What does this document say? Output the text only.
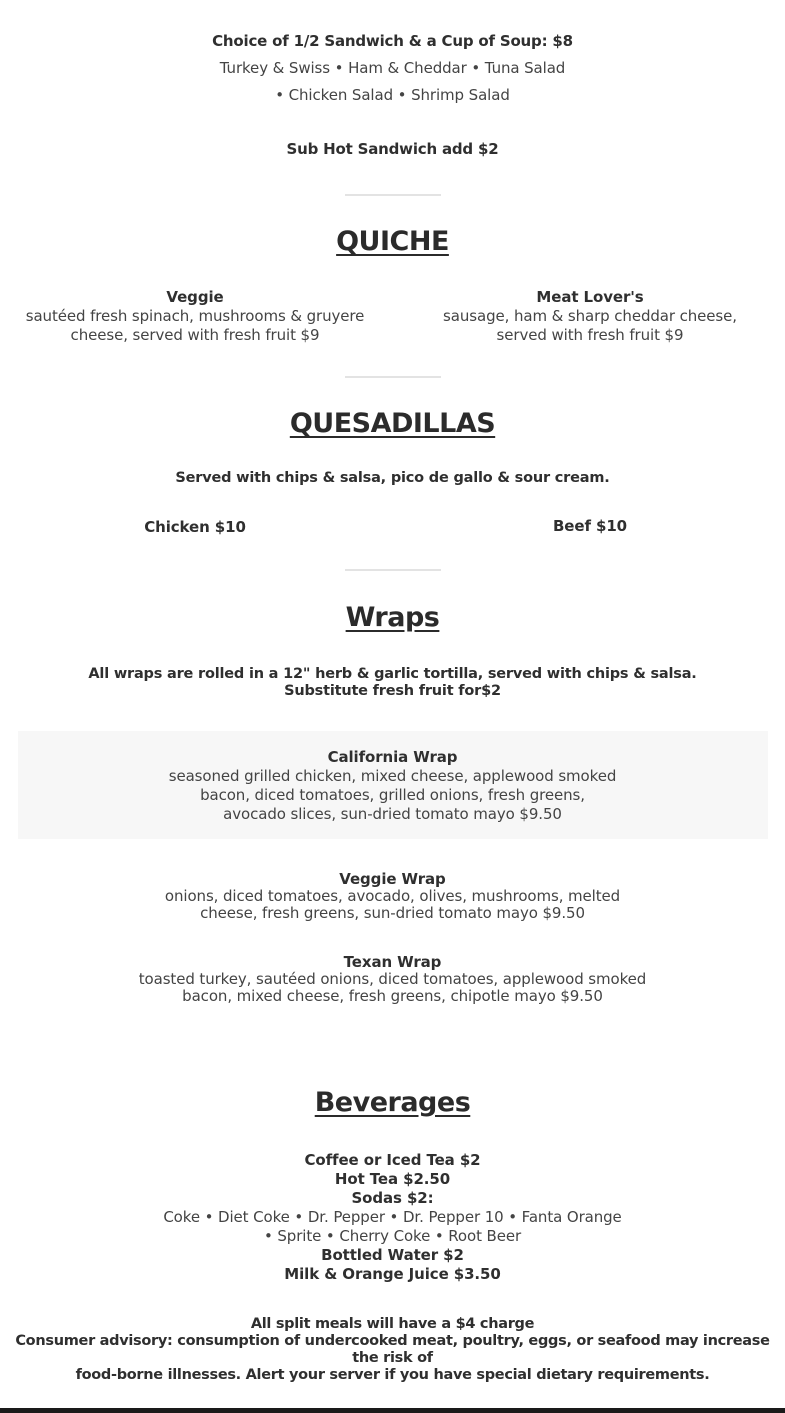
Choice of 1/2 Sandwich & a Cup of Soup: $8
Turkey & Swiss • Ham & Cheddar • Tuna Salad
• Chicken Salad • Shrimp Salad
Sub Hot Sandwich add $2
QUICHE
Veggie
sautéed fresh spinach, mushrooms & gruyere
cheese, served with fresh fruit $9
Meat Lover's
sausage, ham & sharp cheddar cheese,
served with fresh fruit $9
QUESADILLAS
Served with chips & salsa, pico de gallo & sour cream.
Chicken $10	Beef $10
Wraps
All wraps are rolled in a 12" herb & garlic tortilla, served with chips & salsa.
Substitute fresh fruit for$2
California Wrap
seasoned grilled chicken, mixed cheese, applewood smoked
bacon, diced tomatoes, grilled onions, fresh greens,
avocado slices, sun-dried tomato mayo $9.50
Veggie Wrap
onions, diced tomatoes, avocado, olives, mushrooms, melted
cheese, fresh greens, sun-dried tomato mayo $9.50
Texan Wrap
toasted turkey, sautéed onions, diced tomatoes, applewood smoked
bacon, mixed cheese, fresh greens, chipotle mayo $9.50
Beverages
Coffee or Iced Tea $2
Hot Tea $2.50
Sodas $2:
Coke • Diet Coke • Dr. Pepper • Dr. Pepper 10 • Fanta Orange
• Sprite • Cherry Coke • Root Beer
Bottled Water $2
Milk & Orange Juice $3.50
All split meals will have a $4 charge
Consumer advisory: consumption of undercooked meat, poultry, eggs, or seafood may increase the risk of
food-borne illnesses. Alert your server if you have special dietary requirements.
